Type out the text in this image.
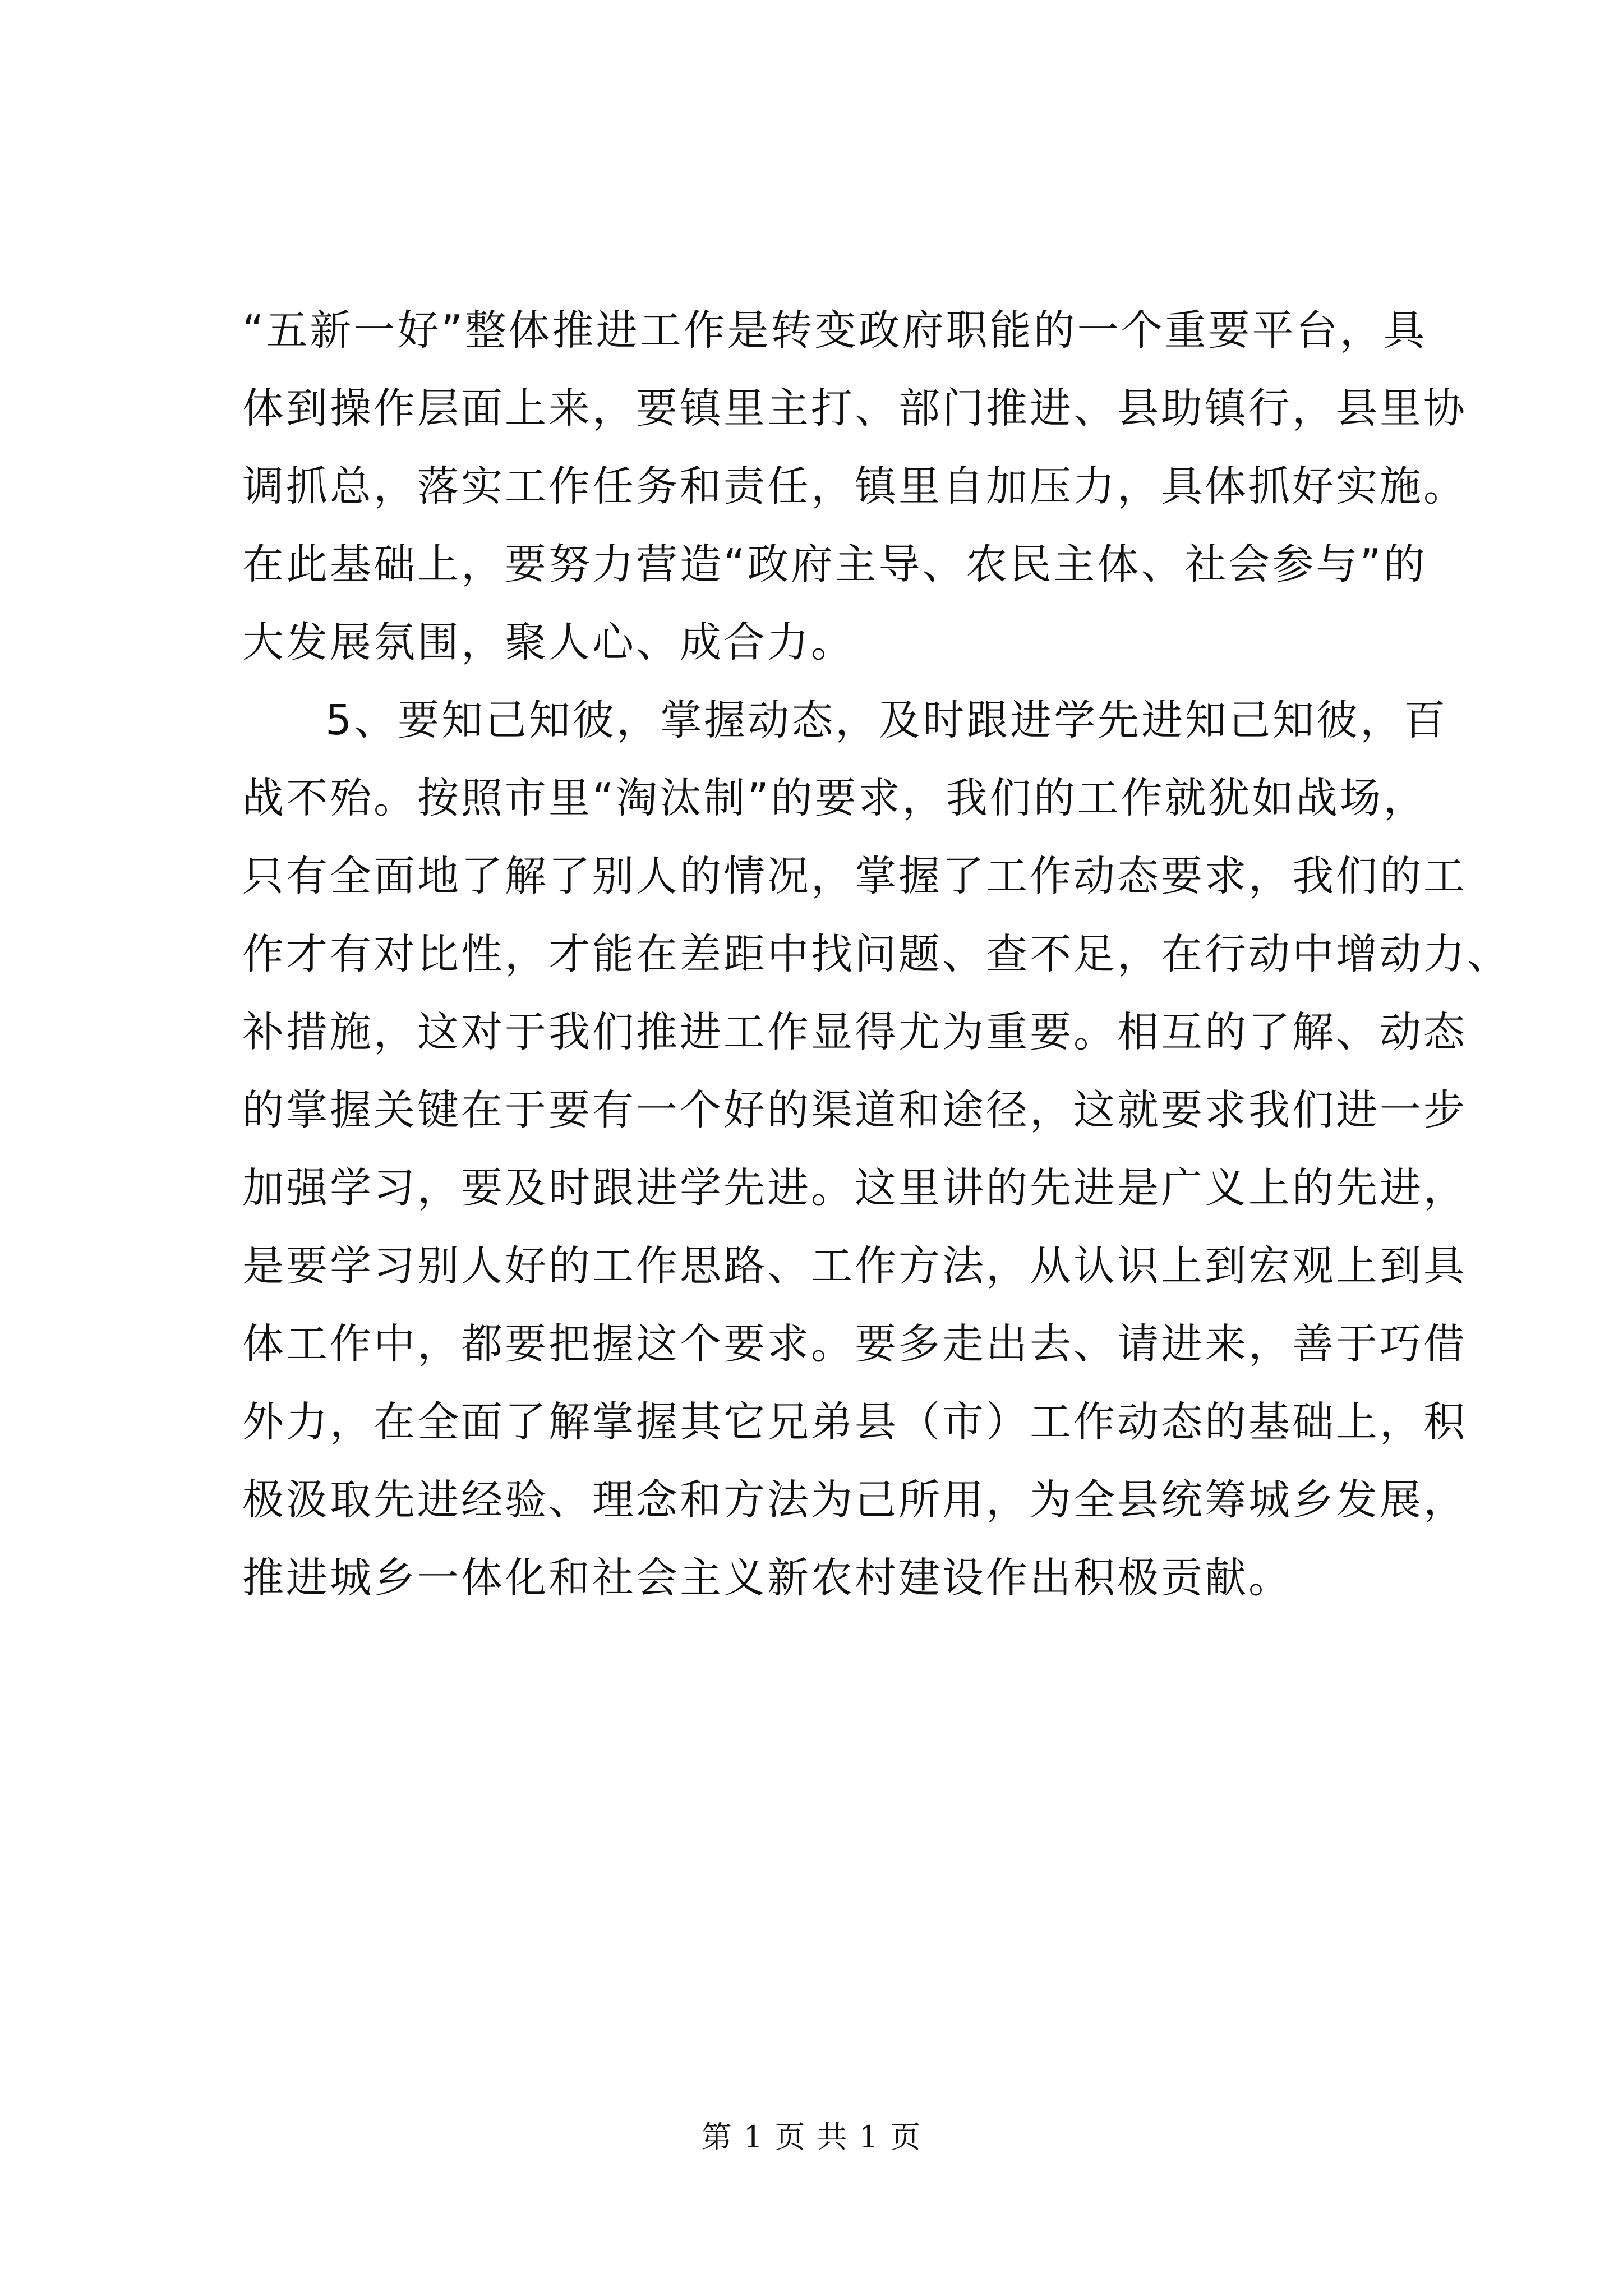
“五新一好”整体推进工作是转变政府职能的一个重要平台，具
体到操作层面上来，要镇里主打、部门推进、县助镇行，县里协
调抓总，落实工作任务和责任，镇里自加压力，具体抓好实施。
在此基础上，要努力营造“政府主导、农民主体、社会参与”的
大发展氛围，聚人心、成合力。
5、要知己知彼，掌握动态，及时跟进学先进知己知彼，百
战不殆。按照市里“淘汰制”的要求，我们的工作就犹如战场，
只有全面地了解了别人的情况，掌握了工作动态要求，我们的工
作才有对比性，才能在差距中找问题、查不足，在行动中增动力、
补措施，这对于我们推进工作显得尤为重要。相互的了解、动态
的掌握关键在于要有一个好的渠道和途径，这就要求我们进一步
加强学习，要及时跟进学先进。这里讲的先进是广义上的先进，
是要学习别人好的工作思路、工作方法，从认识上到宏观上到具
体工作中，都要把握这个要求。要多走出去、请进来，善于巧借
外力，在全面了解掌握其它兄弟县（市）工作动态的基础上，积
极汲取先进经验、理念和方法为己所用，为全县统筹城乡发展，
推进城乡一体化和社会主义新农村建设作出积极贡献。
第 1 页 共 1 页
